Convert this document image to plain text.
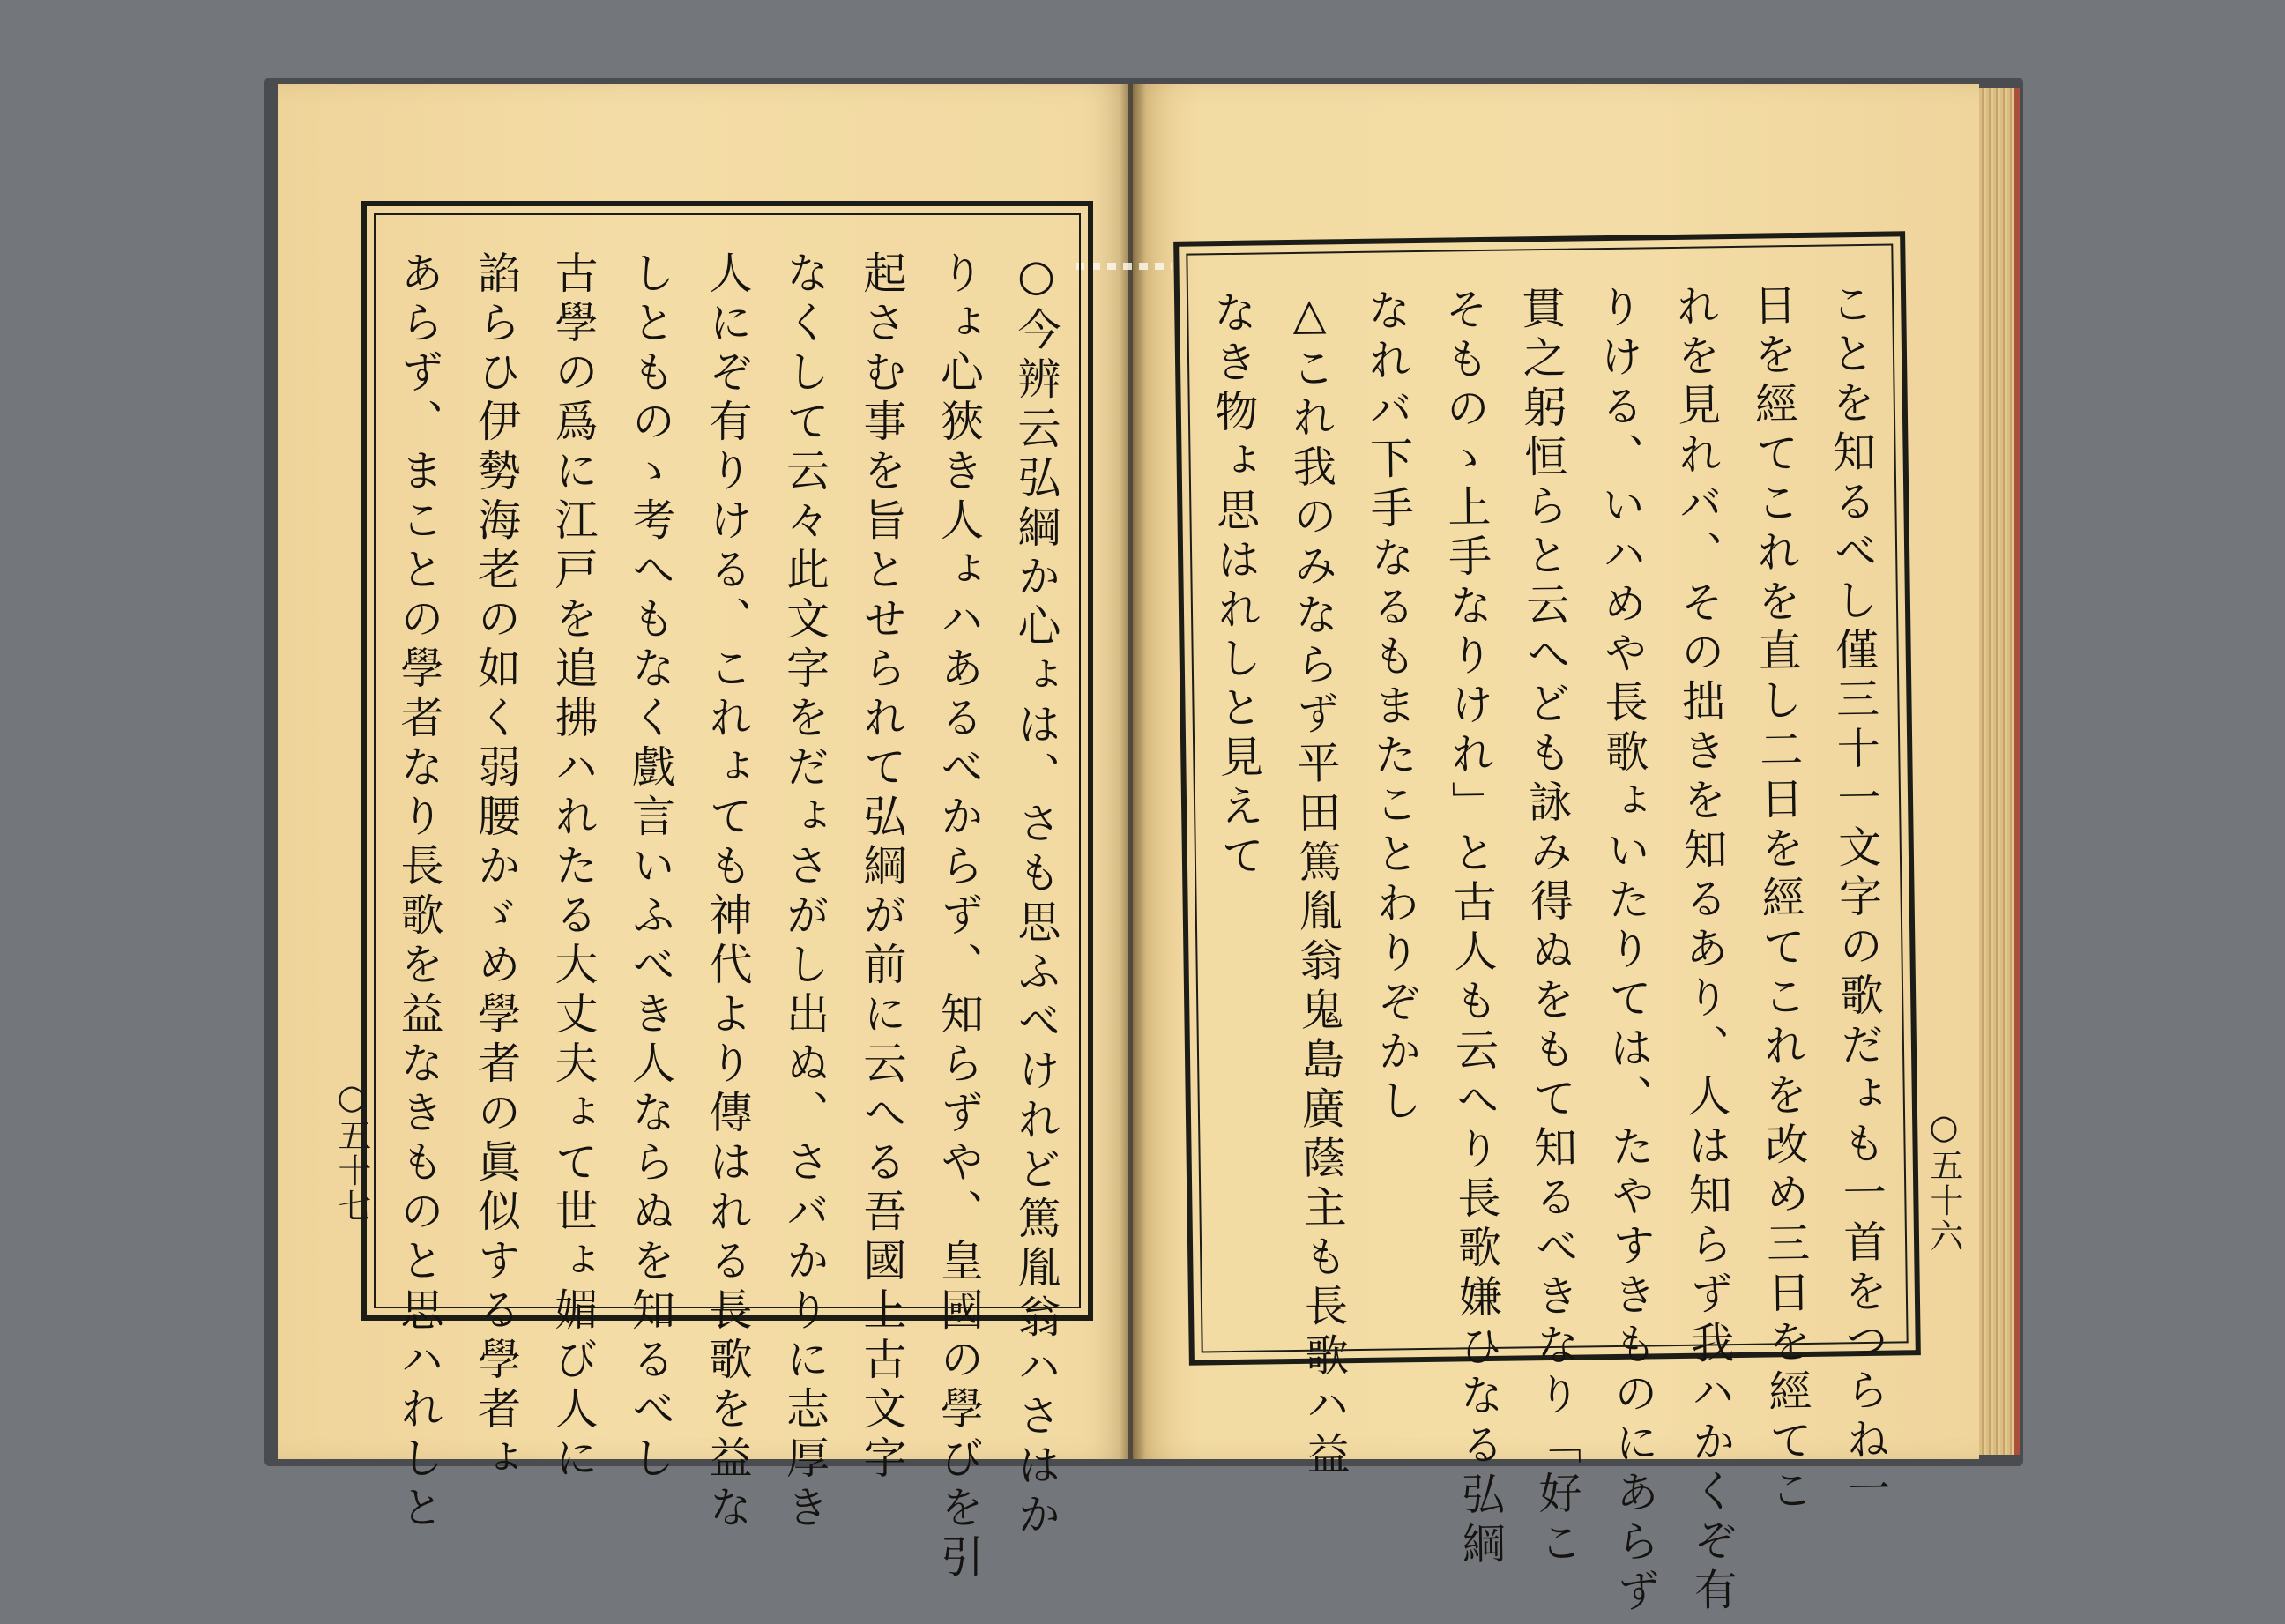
○今辨云弘綱か心ょは、さも思ふべけれど篤胤翁ハさはか
りょ心狹き人ょハあるべからず、知らずや、皇國の學びを引
起さむ事を旨とせられて弘綱が前に云へる吾國上古文字
なくして云々此文字をだょさがし出ぬ、さバかりに志厚き
人にぞ有りける、これょても神代より傳はれる長歌を益な
しとものゝ考へもなく戲言いふべき人ならぬを知るべし
古學の爲に江戸を追拂ハれたる大丈夫ょて世ょ媚び人に
諂らひ伊勢海老の如く弱腰かゞめ學者の眞似する學者ょ
あらず、まことの學者なり長歌を益なきものと思ハれしと
○五十七	ことを知るべし僅三十一文字の歌だょも一首をつらね一
日を經てこれを直し二日を經てこれを改め三日を經てこ
れを見れバ、その拙きを知るあり、人は知らず我ハかくぞ有
りける、いハめや長歌ょいたりては、たやすきものにあらず
貫之躬恒らと云へども詠み得ぬをもて知るべきなり「好こ
そものゝ上手なりけれ」と古人も云へり長歌嫌ひなる弘綱
なれバ下手なるもまたことわりぞかし
△これ我のみならず平田篤胤翁鬼島廣蔭主も長歌ハ益
なき物ょ思はれしと見えて
○五十六
